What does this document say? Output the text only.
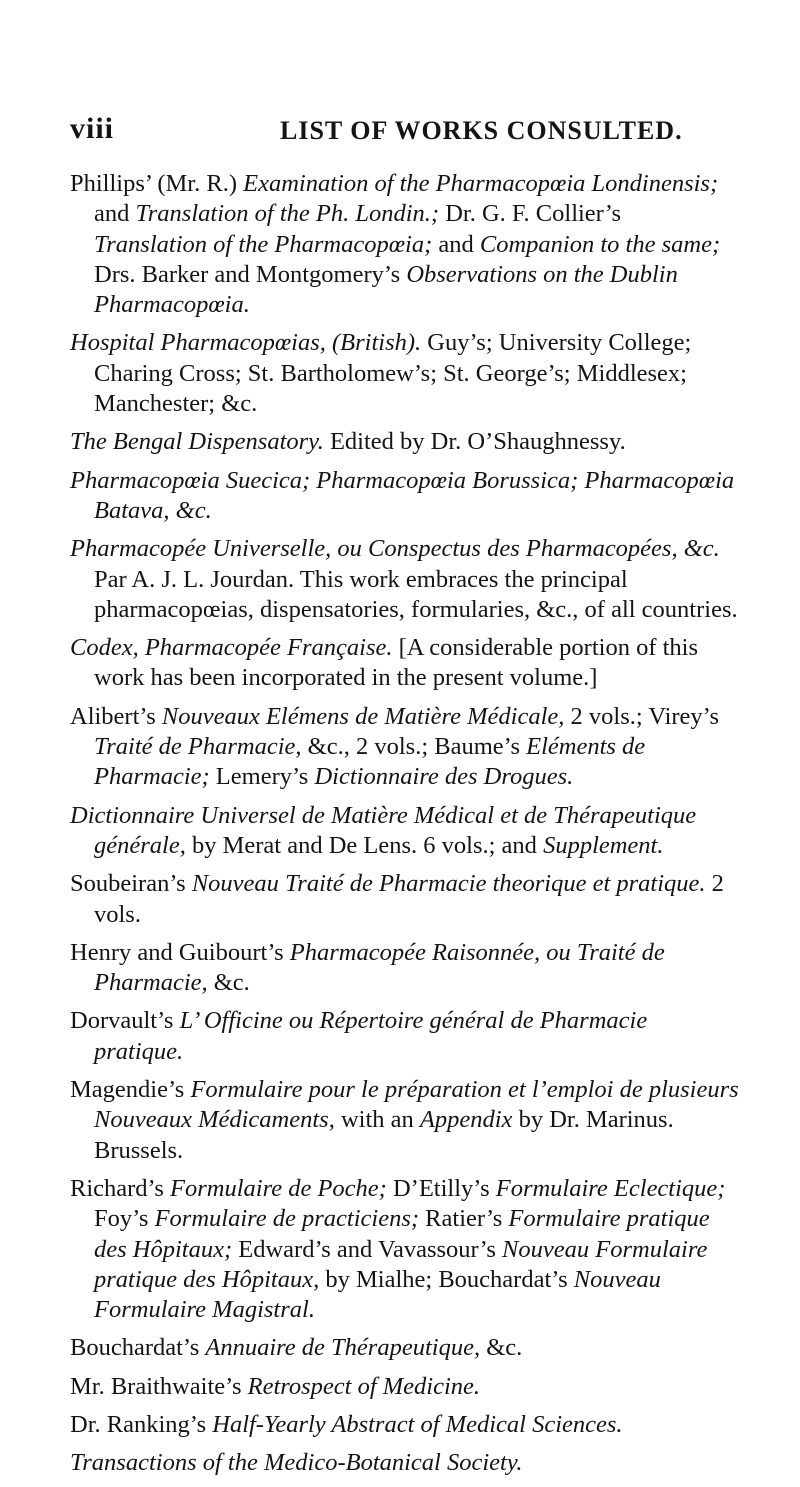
viii	LIST OF WORKS CONSULTED.

Phillips’ (Mr. R.) Examination of the Pharmacopœia Londinensis; and Translation of the Ph. Londin.; Dr. G. F. Collier’s Translation of the Pharmacopœia; and Companion to the same; Drs. Barker and Montgomery’s Observations on the Dublin Pharmacopœia.

Hospital Pharmacopœias, (British). Guy’s; University College; Charing Cross; St. Bartholomew’s; St. George’s; Middlesex; Manchester; &c.

The Bengal Dispensatory. Edited by Dr. O’Shaughnessy.

Pharmacopœia Suecica; Pharmacopœia Borussica; Pharmacopœia Batava, &c.

Pharmacopée Universelle, ou Conspectus des Pharmacopées, &c. Par A. J. L. Jourdan. This work embraces the principal pharmacopœias, dispensatories, formularies, &c., of all countries.

Codex, Pharmacopée Française. [A considerable portion of this work has been incorporated in the present volume.]

Alibert’s Nouveaux Elémens de Matière Médicale, 2 vols.; Virey’s Traité de Pharmacie, &c., 2 vols.; Baume’s Eléments de Pharmacie; Lemery’s Dictionnaire des Drogues.

Dictionnaire Universel de Matière Médical et de Thérapeutique générale, by Merat and De Lens. 6 vols.; and Supplement.

Soubeiran’s Nouveau Traité de Pharmacie theorique et pratique. 2 vols.

Henry and Guibourt’s Pharmacopée Raisonnée, ou Traité de Pharmacie, &c.

Dorvault’s L’ Officine ou Répertoire général de Pharmacie pratique.

Magendie’s Formulaire pour le préparation et l’emploi de plusieurs Nouveaux Médicaments, with an Appendix by Dr. Marinus. Brussels.

Richard’s Formulaire de Poche; D’Etilly’s Formulaire Eclectique; Foy’s Formulaire de practiciens; Ratier’s Formulaire pratique des Hôpitaux; Edward’s and Vavassour’s Nouveau Formulaire pratique des Hôpitaux, by Mialhe; Bouchardat’s Nouveau Formulaire Magistral.

Bouchardat’s Annuaire de Thérapeutique, &c.

Mr. Braithwaite’s Retrospect of Medicine.

Dr. Ranking’s Half-Yearly Abstract of Medical Sciences.

Transactions of the Medico-Botanical Society.
